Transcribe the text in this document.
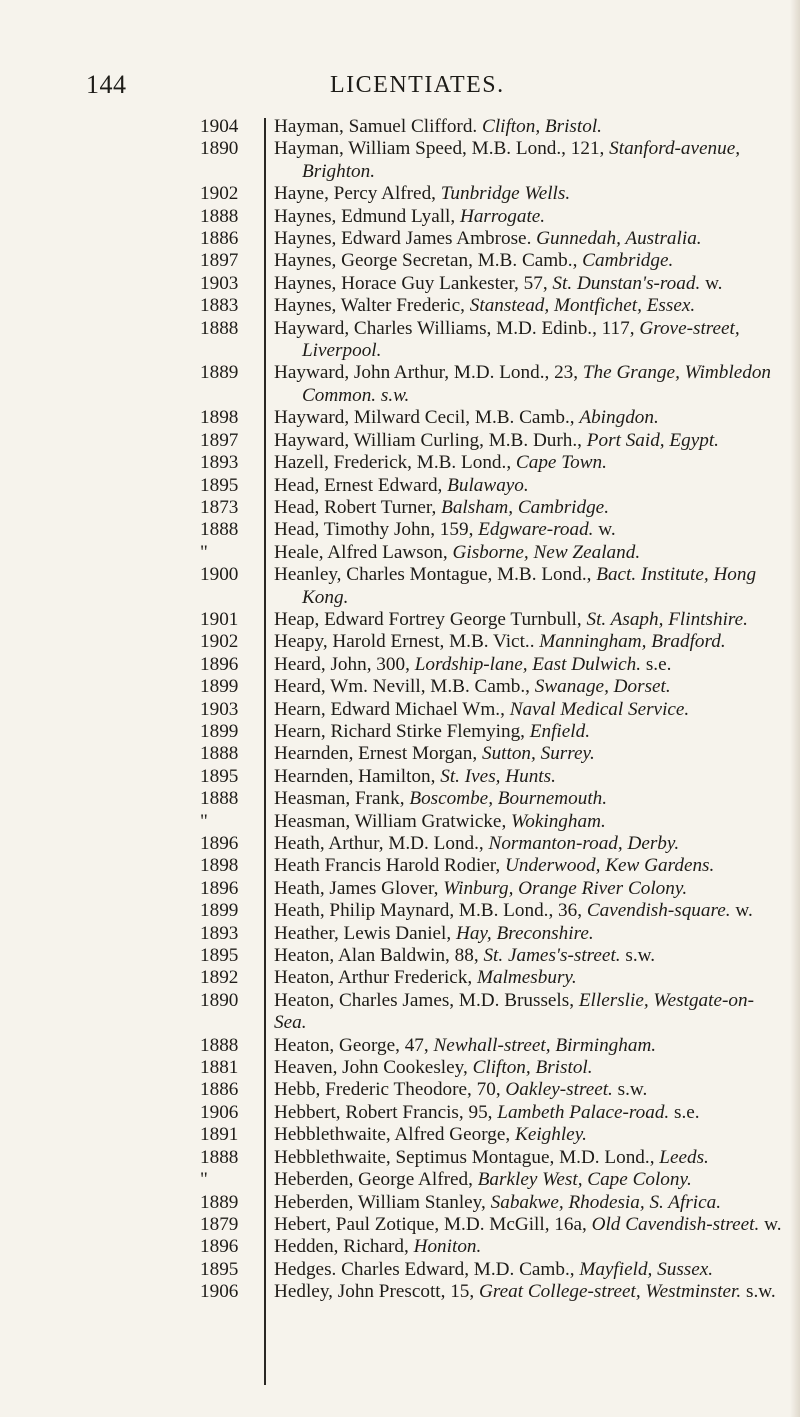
144	LICENTIATES.
1904	Hayman, Samuel Clifford. Clifton, Bristol.
1890	Hayman, William Speed, M.B. Lond., 121, Stanford-avenue,
Brighton.
1902	Hayne, Percy Alfred, Tunbridge Wells.
1888	Haynes, Edmund Lyall, Harrogate.
1886	Haynes, Edward James Ambrose. Gunnedah, Australia.
1897	Haynes, George Secretan, M.B. Camb., Cambridge.
1903	Haynes, Horace Guy Lankester, 57, St. Dunstan's-road. w.
1883	Haynes, Walter Frederic, Stanstead, Montfichet, Essex.
1888	Hayward, Charles Williams, M.D. Edinb., 117, Grove-street,
Liverpool.
1889	Hayward, John Arthur, M.D. Lond., 23, The Grange, Wimbledon
Common. s.w.
1898	Hayward, Milward Cecil, M.B. Camb., Abingdon.
1897	Hayward, William Curling, M.B. Durh., Port Said, Egypt.
1893	Hazell, Frederick, M.B. Lond., Cape Town.
1895	Head, Ernest Edward, Bulawayo.
1873	Head, Robert Turner, Balsham, Cambridge.
1888	Head, Timothy John, 159, Edgware-road. w.
"	Heale, Alfred Lawson, Gisborne, New Zealand.
1900	Heanley, Charles Montague, M.B. Lond., Bact. Institute, Hong
Kong.
1901	Heap, Edward Fortrey George Turnbull, St. Asaph, Flintshire.
1902	Heapy, Harold Ernest, M.B. Vict.. Manningham, Bradford.
1896	Heard, John, 300, Lordship-lane, East Dulwich. s.e.
1899	Heard, Wm. Nevill, M.B. Camb., Swanage, Dorset.
1903	Hearn, Edward Michael Wm., Naval Medical Service.
1899	Hearn, Richard Stirke Flemying, Enfield.
1888	Hearnden, Ernest Morgan, Sutton, Surrey.
1895	Hearnden, Hamilton, St. Ives, Hunts.
1888	Heasman, Frank, Boscombe, Bournemouth.
"	Heasman, William Gratwicke, Wokingham.
1896	Heath, Arthur, M.D. Lond., Normanton-road, Derby.
1898	Heath Francis Harold Rodier, Underwood, Kew Gardens.
1896	Heath, James Glover, Winburg, Orange River Colony.
1899	Heath, Philip Maynard, M.B. Lond., 36, Cavendish-square. w.
1893	Heather, Lewis Daniel, Hay, Breconshire.
1895	Heaton, Alan Baldwin, 88, St. James's-street. s.w.
1892	Heaton, Arthur Frederick, Malmesbury.
1890	Heaton, Charles James, M.D. Brussels, Ellerslie, Westgate-on-Sea.
1888	Heaton, George, 47, Newhall-street, Birmingham.
1881	Heaven, John Cookesley, Clifton, Bristol.
1886	Hebb, Frederic Theodore, 70, Oakley-street. s.w.
1906	Hebbert, Robert Francis, 95, Lambeth Palace-road. s.e.
1891	Hebblethwaite, Alfred George, Keighley.
1888	Hebblethwaite, Septimus Montague, M.D. Lond., Leeds.
"	Heberden, George Alfred, Barkley West, Cape Colony.
1889	Heberden, William Stanley, Sabakwe, Rhodesia, S. Africa.
1879	Hebert, Paul Zotique, M.D. McGill, 16a, Old Cavendish-street. w.
1896	Hedden, Richard, Honiton.
1895	Hedges. Charles Edward, M.D. Camb., Mayfield, Sussex.
1906	Hedley, John Prescott, 15, Great College-street, Westminster. s.w.
